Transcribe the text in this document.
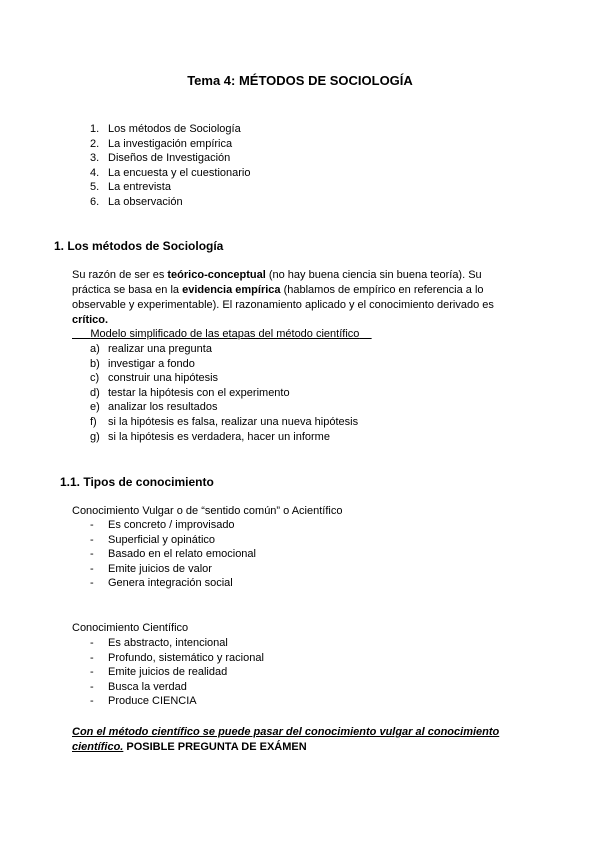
Tema 4: MÉTODOS DE SOCIOLOGÍA
1. Los métodos de Sociología
2. La investigación empírica
3. Diseños de Investigación
4. La encuesta y el cuestionario
5. La entrevista
6. La observación
1. Los métodos de Sociología
Su razón de ser es teórico-conceptual (no hay buena ciencia sin buena teoría). Su práctica se basa en la evidencia empírica (hablamos de empírico en referencia a lo observable y experimentable). El razonamiento aplicado y el conocimiento derivado es crítico.
Modelo simplificado de las etapas del método científico
a) realizar una pregunta
b) investigar a fondo
c) construir una hipótesis
d) testar la hipótesis con el experimento
e) analizar los resultados
f) si la hipótesis es falsa, realizar una nueva hipótesis
g) si la hipótesis es verdadera, hacer un informe
1.1. Tipos de conocimiento
Conocimiento Vulgar o de “sentido común” o Acientífico
- Es concreto / improvisado
- Superficial y opinático
- Basado en el relato emocional
- Emite juicios de valor
- Genera integración social
Conocimiento Científico
- Es abstracto, intencional
- Profundo, sistemático y racional
- Emite juicios de realidad
- Busca la verdad
- Produce CIENCIA
Con el método científico se puede pasar del conocimiento vulgar al conocimiento científico. POSIBLE PREGUNTA DE EXÁMEN
